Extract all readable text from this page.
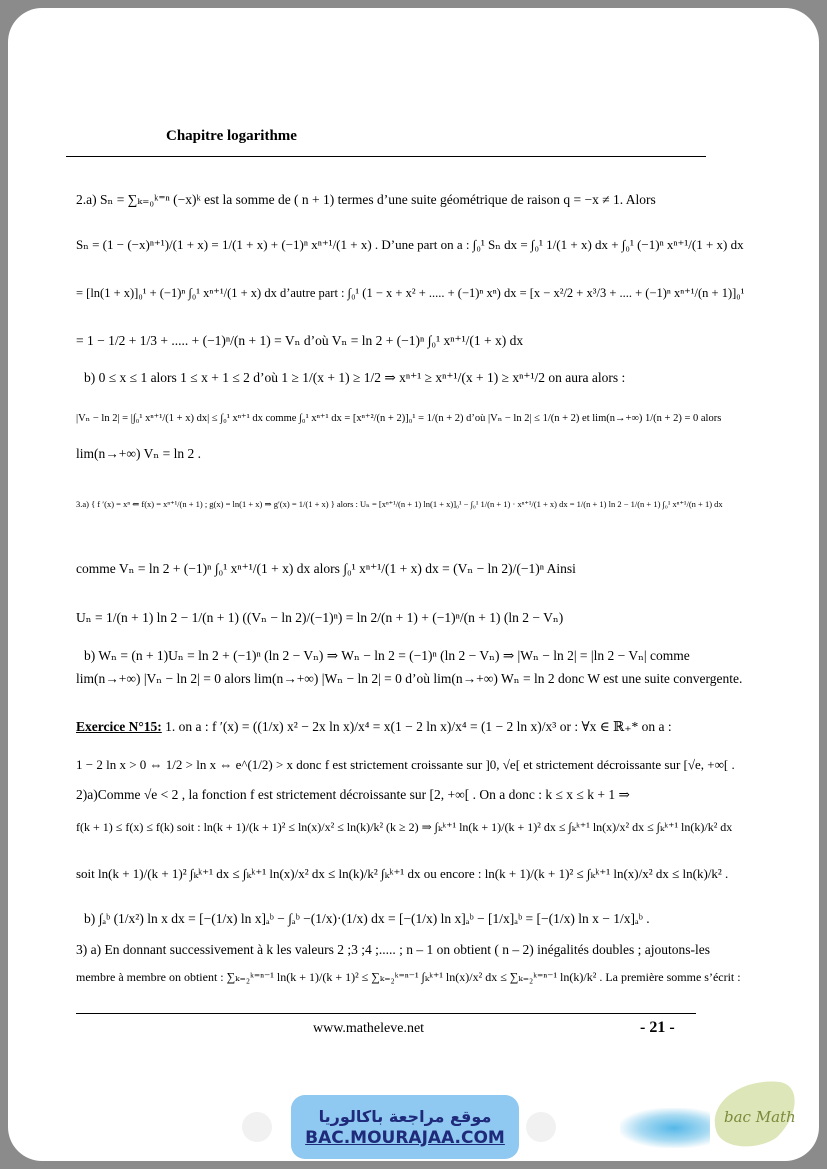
Chapitre logarithme
2.a) Sₙ = ∑ₖ₌₀ᵏ⁼ⁿ (−x)ᵏ est la somme de ( n + 1) termes d’une suite géométrique de raison q = −x ≠ 1. Alors
Sₙ = (1 − (−x)ⁿ⁺¹)/(1 + x) = 1/(1 + x) + (−1)ⁿ xⁿ⁺¹/(1 + x) . D’une part on a : ∫₀¹ Sₙ dx = ∫₀¹ 1/(1 + x) dx + ∫₀¹ (−1)ⁿ xⁿ⁺¹/(1 + x) dx
= [ln(1 + x)]₀¹ + (−1)ⁿ ∫₀¹ xⁿ⁺¹/(1 + x) dx d’autre part : ∫₀¹ (1 − x + x² + ..... + (−1)ⁿ xⁿ) dx = [x − x²/2 + x³/3 + .... + (−1)ⁿ xⁿ⁺¹/(n + 1)]₀¹
= 1 − 1/2 + 1/3 + ..... + (−1)ⁿ/(n + 1) = Vₙ d’où Vₙ = ln 2 + (−1)ⁿ ∫₀¹ xⁿ⁺¹/(1 + x) dx
b) 0 ≤ x ≤ 1 alors 1 ≤ x + 1 ≤ 2 d’où 1 ≥ 1/(x + 1) ≥ 1/2 ⇒ xⁿ⁺¹ ≥ xⁿ⁺¹/(x + 1) ≥ xⁿ⁺¹/2 on aura alors :
|Vₙ − ln 2| = |∫₀¹ xⁿ⁺¹/(1 + x) dx| ≤ ∫₀¹ xⁿ⁺¹ dx comme ∫₀¹ xⁿ⁺¹ dx = [xⁿ⁺²/(n + 2)]₀¹ = 1/(n + 2) d’où |Vₙ − ln 2| ≤ 1/(n + 2) et lim(n→+∞) 1/(n + 2) = 0 alors
lim(n→+∞) Vₙ = ln 2 .
3.a) { f ′(x) = xⁿ ⇐ f(x) = xⁿ⁺¹/(n + 1) ; g(x) = ln(1 + x) ⇒ g′(x) = 1/(1 + x) } alors : Uₙ = [xⁿ⁺¹/(n + 1) ln(1 + x)]₀¹ − ∫₀¹ 1/(n + 1) · xⁿ⁺¹/(1 + x) dx = 1/(n + 1) ln 2 − 1/(n + 1) ∫₀¹ xⁿ⁺¹/(n + 1) dx
comme Vₙ = ln 2 + (−1)ⁿ ∫₀¹ xⁿ⁺¹/(1 + x) dx alors ∫₀¹ xⁿ⁺¹/(1 + x) dx = (Vₙ − ln 2)/(−1)ⁿ Ainsi
Uₙ = 1/(n + 1) ln 2 − 1/(n + 1) ((Vₙ − ln 2)/(−1)ⁿ) = ln 2/(n + 1) + (−1)ⁿ/(n + 1) (ln 2 − Vₙ)
b) Wₙ = (n + 1)Uₙ = ln 2 + (−1)ⁿ (ln 2 − Vₙ) ⇒ Wₙ − ln 2 = (−1)ⁿ (ln 2 − Vₙ) ⇒ |Wₙ − ln 2| = |ln 2 − Vₙ| comme
lim(n→+∞) |Vₙ − ln 2| = 0 alors lim(n→+∞) |Wₙ − ln 2| = 0 d’où lim(n→+∞) Wₙ = ln 2 donc W est une suite convergente.
Exercice N°15: 1. on a : f ′(x) = ((1/x) x² − 2x ln x)/x⁴ = x(1 − 2 ln x)/x⁴ = (1 − 2 ln x)/x³ or : ∀x ∈ ℝ₊* on a :
1 − 2 ln x > 0 ⇔ 1/2 > ln x ⇔ e^(1/2) > x donc f est strictement croissante sur ]0, √e[ et strictement décroissante sur [√e, +∞[ .
2)a)Comme √e < 2 , la fonction f est strictement décroissante sur [2, +∞[ . On a donc : k ≤ x ≤ k + 1 ⇒
f(k + 1) ≤ f(x) ≤ f(k) soit : ln(k + 1)/(k + 1)² ≤ ln(x)/x² ≤ ln(k)/k² (k ≥ 2) ⇒ ∫ₖᵏ⁺¹ ln(k + 1)/(k + 1)² dx ≤ ∫ₖᵏ⁺¹ ln(x)/x² dx ≤ ∫ₖᵏ⁺¹ ln(k)/k² dx
soit ln(k + 1)/(k + 1)² ∫ₖᵏ⁺¹ dx ≤ ∫ₖᵏ⁺¹ ln(x)/x² dx ≤ ln(k)/k² ∫ₖᵏ⁺¹ dx ou encore : ln(k + 1)/(k + 1)² ≤ ∫ₖᵏ⁺¹ ln(x)/x² dx ≤ ln(k)/k² .
b) ∫ₐᵇ (1/x²) ln x dx = [−(1/x) ln x]ₐᵇ − ∫ₐᵇ −(1/x)·(1/x) dx = [−(1/x) ln x]ₐᵇ − [1/x]ₐᵇ = [−(1/x) ln x − 1/x]ₐᵇ .
3) a) En donnant successivement à k les valeurs 2 ;3 ;4 ;..... ; n – 1 on obtient ( n – 2) inégalités doubles ; ajoutons-les
membre à membre on obtient : ∑ₖ₌₂ᵏ⁼ⁿ⁻¹ ln(k + 1)/(k + 1)² ≤ ∑ₖ₌₂ᵏ⁼ⁿ⁻¹ ∫ₖᵏ⁺¹ ln(x)/x² dx ≤ ∑ₖ₌₂ᵏ⁼ⁿ⁻¹ ln(k)/k² . La première somme s’écrit :
www.matheleve.net	- 21 -
موقع مراجعة باكالوريا
BAC.MOURAJAA.COM
bac Math
